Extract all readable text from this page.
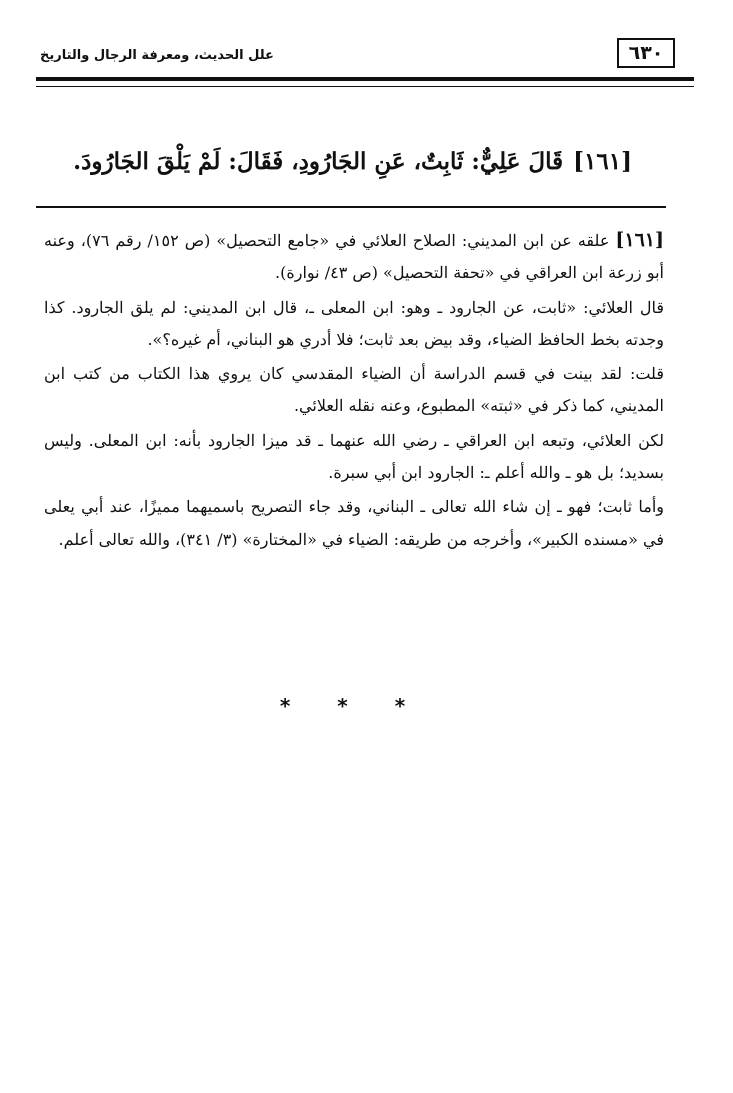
٦٣٠
علل الحديث، ومعرفة الرجال والتاريخ
[١٦١]قَالَ عَلِيٌّ: ثَابِتٌ، عَنِ الجَارُودِ، فَقَالَ: لَمْ يَلْقَ الجَارُودَ.

[١٦١]علقه عن ابن المديني: الصلاح العلائي في «جامع التحصيل» (ص ١٥٢/ رقم ٧٦)، وعنه أبو زرعة ابن العراقي في «تحفة التحصيل» (ص ٤٣/ نوارة).

قال العلائي: «ثابت، عن الجارود ـ وهو: ابن المعلى ـ، قال ابن المديني: لم يلق الجارود. كذا وجدته بخط الحافظ الضياء، وقد بيض بعد ثابت؛ فلا أدري هو البناني، أم غيره؟».

قلت: لقد بينت في قسم الدراسة أن الضياء المقدسي كان يروي هذا الكتاب من كتب ابن المديني، كما ذكر في «ثبته» المطبوع، وعنه نقله العلائي.

لكن العلائي، وتبعه ابن العراقي ـ رضي الله عنهما ـ قد ميزا الجارود بأنه: ابن المعلى. وليس بسديد؛ بل هو ـ والله أعلم ـ: الجارود ابن أبي سبرة.

وأما ثابت؛ فهو ـ إن شاء الله تعالى ـ البناني، وقد جاء التصريح باسميهما مميزًا، عند أبي يعلى في «مسنده الكبير»، وأخرجه من طريقه: الضياء في «المختارة» (٣/ ٣٤١)، والله تعالى أعلم.

* * *
